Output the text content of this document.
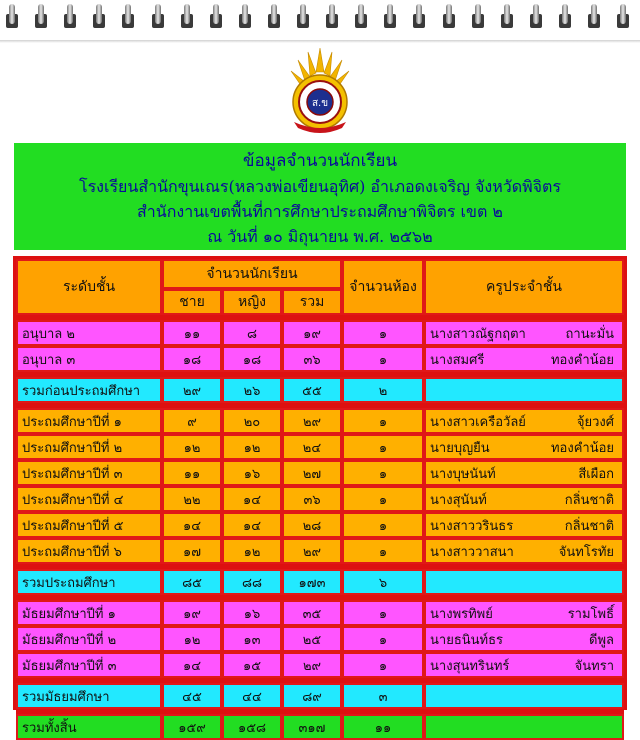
ส.ข
ข้อมูลจำนวนนักเรียน
โรงเรียนสำนักขุนเณร(หลวงพ่อเขียนอุทิศ) อำเภอดงเจริญ จังหวัดพิจิตร
สำนักงานเขตพื้นที่การศึกษาประถมศึกษาพิจิตร เขต ๒
ณ วันที่ ๑๐ มิถุนายน พ.ศ. ๒๕๖๒
ระดับชั้น	จำนวนนักเรียน			จำนวนห้อง	ครูประจำชั้น
	ชาย	หญิง	รวม		

อนุบาล ๒	๑๑	๘	๑๙	๑	นางสาวณัฐกฤตา ถานะมั่น

อนุบาล ๓	๑๘	๑๘	๓๖	๑	นางสมศรี ทองคำน้อย

รวมก่อนประถมศึกษา	๒๙	๒๖	๕๕	๒	

ประถมศึกษาปีที่ ๑	๙	๒๐	๒๙	๑	นางสาวเครือวัลย์ จุ้ยวงศ์

ประถมศึกษาปีที่ ๒	๑๒	๑๒	๒๔	๑	นายบุญยืน ทองคำน้อย

ประถมศึกษาปีที่ ๓	๑๑	๑๖	๒๗	๑	นางบุษนันท์ สีเผือก

ประถมศึกษาปีที่ ๔	๒๒	๑๔	๓๖	๑	นางสุนันท์ กลิ่นชาติ

ประถมศึกษาปีที่ ๕	๑๔	๑๔	๒๘	๑	นางสาววรินธร กลิ่นชาติ

ประถมศึกษาปีที่ ๖	๑๗	๑๒	๒๙	๑	นางสาววาสนา จันทโรทัย

รวมประถมศึกษา	๘๕	๘๘	๑๗๓	๖	

มัธยมศึกษาปีที่ ๑	๑๙	๑๖	๓๕	๑	นางพรทิพย์ รามโพธิ์

มัธยมศึกษาปีที่ ๒	๑๒	๑๓	๒๕	๑	นายธนินท์ธร ดีพูล

มัธยมศึกษาปีที่ ๓	๑๔	๑๕	๒๙	๑	นางสุนทรินทร์ จันทรา

รวมมัธยมศึกษา	๔๕	๔๔	๘๙	๓	

รวมทั้งสิ้น	๑๕๙	๑๕๘	๓๑๗	๑๑	
